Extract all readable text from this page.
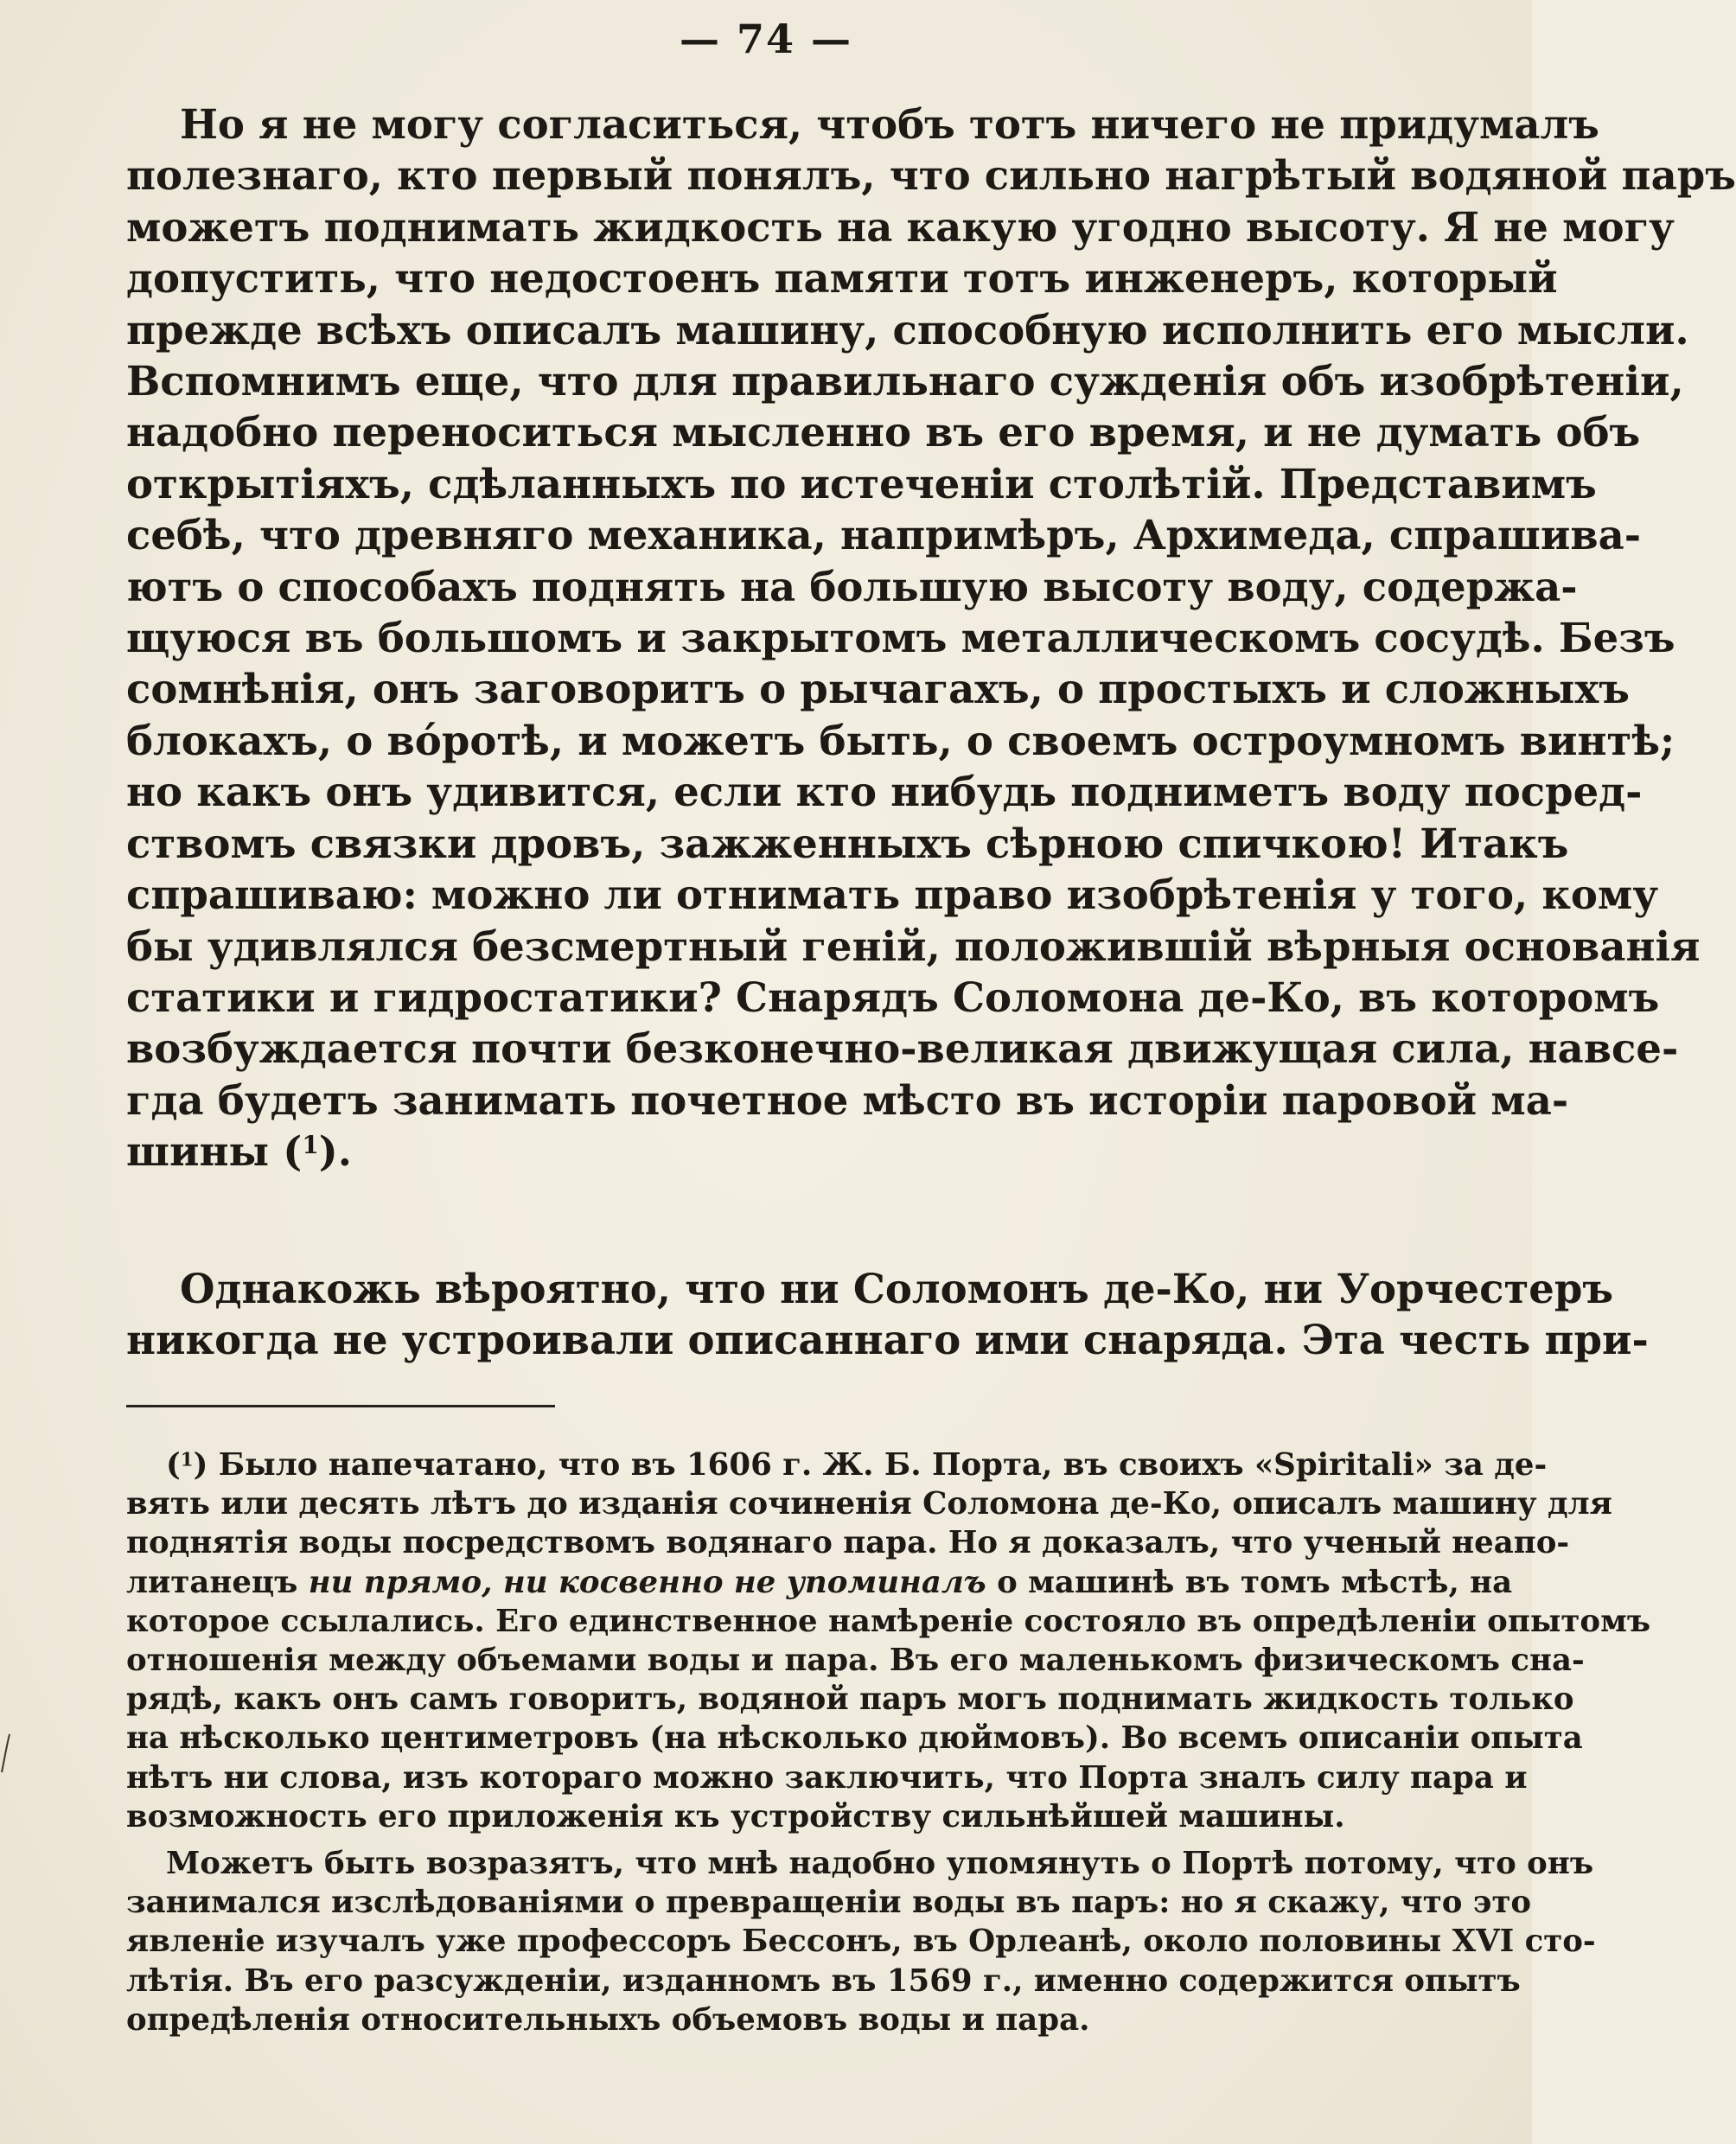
— 74 —
Но я не могу согласиться, чтобъ тотъ ничего не придумалъ
полезнаго, кто первый понялъ, что сильно нагрѣтый водяной паръ
можетъ поднимать жидкость на какую угодно высоту. Я не могу
допустить, что недостоенъ памяти тотъ инженеръ, который
прежде всѣхъ описалъ машину, способную исполнить его мысли.
Вспомнимъ еще, что для правильнаго сужденія объ изобрѣтеніи,
надобно переноситься мысленно въ его время, и не думать объ
открытіяхъ, сдѣланныхъ по истеченіи столѣтій. Представимъ
себѣ, что древняго механика, напримѣръ, Архимеда, спрашива-
ютъ о способахъ поднять на большую высоту воду, содержа-
щуюся въ большомъ и закрытомъ металлическомъ сосудѣ. Безъ
сомнѣнія, онъ заговоритъ о рычагахъ, о простыхъ и сложныхъ
блокахъ, о вóротѣ, и можетъ быть, о своемъ остроумномъ винтѣ;
но какъ онъ удивится, если кто нибудь подниметъ воду посред-
ствомъ связки дровъ, зажженныхъ сѣрною спичкою! Итакъ
спрашиваю: можно ли отнимать право изобрѣтенія у того, кому
бы удивлялся безсмертный геній, положившій вѣрныя основанія
статики и гидростатики? Снарядъ Соломона де-Ко, въ которомъ
возбуждается почти безконечно-великая движущая сила, навсе-
гда будетъ занимать почетное мѣсто въ исторіи паровой ма-
шины ($^1$).
Однакожь вѣроятно, что ни Соломонъ де-Ко, ни Уорчестеръ
никогда не устроивали описаннаго ими снаряда. Эта честь при-
($^1$) Было напечатано, что въ 1606 г. Ж. Б. Порта, въ своихъ «Spiritali» за де-
вять или десять лѣтъ до изданія сочиненія Соломона де-Ко, описалъ машину для
поднятія воды посредствомъ водянаго пара. Но я доказалъ, что ученый неапо-
литанецъ ни прямо, ни косвенно не упоминалъ о машинѣ въ томъ мѣстѣ, на
которое ссылались. Его единственное намѣреніе состояло въ опредѣленіи опытомъ
отношенія между объемами воды и пара. Въ его маленькомъ физическомъ сна-
рядѣ, какъ онъ самъ говоритъ, водяной паръ могъ поднимать жидкость только
на нѣсколько центиметровъ (на нѣсколько дюймовъ). Во всемъ описаніи опыта
нѣтъ ни слова, изъ котораго можно заключить, что Порта зналъ силу пара и
возможность его приложенія къ устройству сильнѣйшей машины.
Можетъ быть возразятъ, что мнѣ надобно упомянуть о Портѣ потому, что онъ
занимался изслѣдованіями о превращеніи воды въ паръ: но я скажу, что это
явленіе изучалъ уже профессоръ Бессонъ, въ Орлеанѣ, около половины XVI сто-
лѣтія. Въ его разсужденіи, изданномъ въ 1569 г., именно содержится опытъ
опредѣленія относительныхъ объемовъ воды и пара.
